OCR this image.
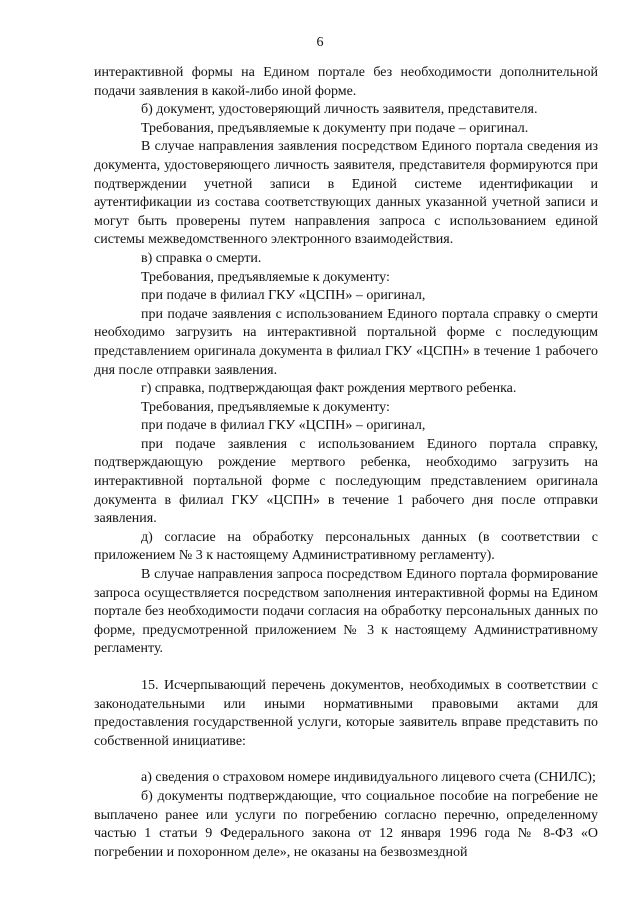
6

интерактивной формы на Едином портале без необходимости дополнительной подачи заявления в какой-либо иной форме.

б) документ, удостоверяющий личность заявителя, представителя.

Требования, предъявляемые к документу при подаче – оригинал.

В случае направления заявления посредством Единого портала сведения из документа, удостоверяющего личность заявителя, представителя формируются при подтверждении учетной записи в Единой системе идентификации и аутентификации из состава соответствующих данных указанной учетной записи и могут быть проверены путем направления запроса с использованием единой системы межведомственного электронного взаимодействия.

в) справка о смерти.

Требования, предъявляемые к документу:

при подаче в филиал ГКУ «ЦСПН» – оригинал,

при подаче заявления с использованием Единого портала справку о смерти необходимо загрузить на интерактивной портальной форме с последующим представлением оригинала документа в филиал ГКУ «ЦСПН» в течение 1 рабочего дня после отправки заявления.

г) справка, подтверждающая факт рождения мертвого ребенка.

Требования, предъявляемые к документу:

при подаче в филиал ГКУ «ЦСПН» – оригинал,

при подаче заявления с использованием Единого портала справку, подтверждающую рождение мертвого ребенка, необходимо загрузить на интерактивной портальной форме с последующим представлением оригинала документа в филиал ГКУ «ЦСПН» в течение 1 рабочего дня после отправки заявления.

д) согласие на обработку персональных данных (в соответствии с приложением № 3 к настоящему Административному регламенту).

В случае направления запроса посредством Единого портала формирование запроса осуществляется посредством заполнения интерактивной формы на Едином портале без необходимости подачи согласия на обработку персональных данных по форме, предусмотренной приложением № 3 к настоящему Административному регламенту.

15. Исчерпывающий перечень документов, необходимых в соответствии с законодательными или иными нормативными правовыми актами для предоставления государственной услуги, которые заявитель вправе представить по собственной инициативе:

а) сведения о страховом номере индивидуального лицевого счета (СНИЛС);

б) документы подтверждающие, что социальное пособие на погребение не выплачено ранее или услуги по погребению согласно перечню, определенному частью 1 статьи 9 Федерального закона от 12 января 1996 года № 8-ФЗ «О погребении и похоронном деле», не оказаны на безвозмездной
